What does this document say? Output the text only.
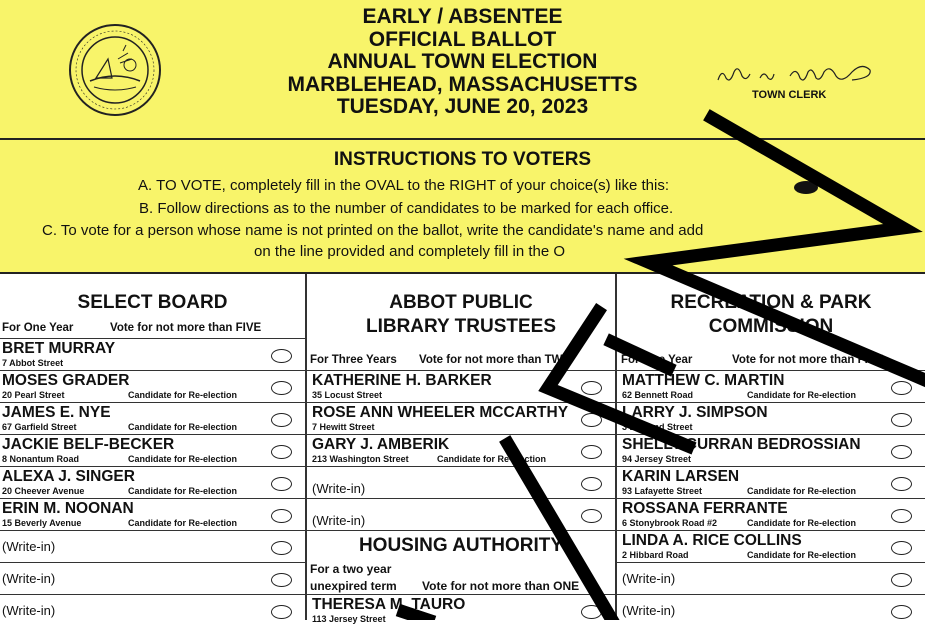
EARLY / ABSENTEE
OFFICIAL BALLOT
ANNUAL TOWN ELECTION
MARBLEHEAD, MASSACHUSETTS
TUESDAY, JUNE 20, 2023	TOWN CLERK
INSTRUCTIONS TO VOTERS
A. TO VOTE, completely fill in the OVAL to the RIGHT of your choice(s) like this:
B. Follow directions as to the number of candidates to be marked for each office.
C. To vote for a person whose name is not printed on the ballot, write the candidate's name and add
on the line provided and completely fill in the O
SELECT BOARD
For One Year	Vote for not more than FIVE
BRET MURRAY
7 Abbot Street
MOSES GRADER
20 Pearl Street	Candidate for Re-election
JAMES E. NYE
67 Garfield Street	Candidate for Re-election
JACKIE BELF-BECKER
8 Nonantum Road	Candidate for Re-election
ALEXA J. SINGER
20 Cheever Avenue	Candidate for Re-election
ERIN M. NOONAN
15 Beverly Avenue	Candidate for Re-election
(Write-in)
(Write-in)
(Write-in)
ABBOT PUBLIC
LIBRARY TRUSTEES
For Three Years Vote for not more than TWO
KATHERINE H. BARKER
35 Locust Street
ROSE ANN WHEELER MCCARTHY
7 Hewitt Street
GARY J. AMBERIK
213 Washington Street	Candidate for Re-election
(Write-in)
(Write-in)
HOUSING AUTHORITY
For a two year
unexpired term Vote for not more than ONE
THERESA M. TAURO
113 Jersey Street
RECREATION & PARK
COMMISSION
For One Year	Vote for not more than FIVE
MATTHEW C. MARTIN
62 Bennett Road	Candidate for Re-election
LARRY J. SIMPSON
3 Bayland Street
SHELLY CURRAN BEDROSSIAN
94 Jersey Street
KARIN LARSEN
93 Lafayette Street	Candidate for Re-election
ROSSANA FERRANTE
6 Stonybrook Road #2	Candidate for Re-election
LINDA A. RICE COLLINS
2 Hibbard Road	Candidate for Re-election
(Write-in)
(Write-in)
